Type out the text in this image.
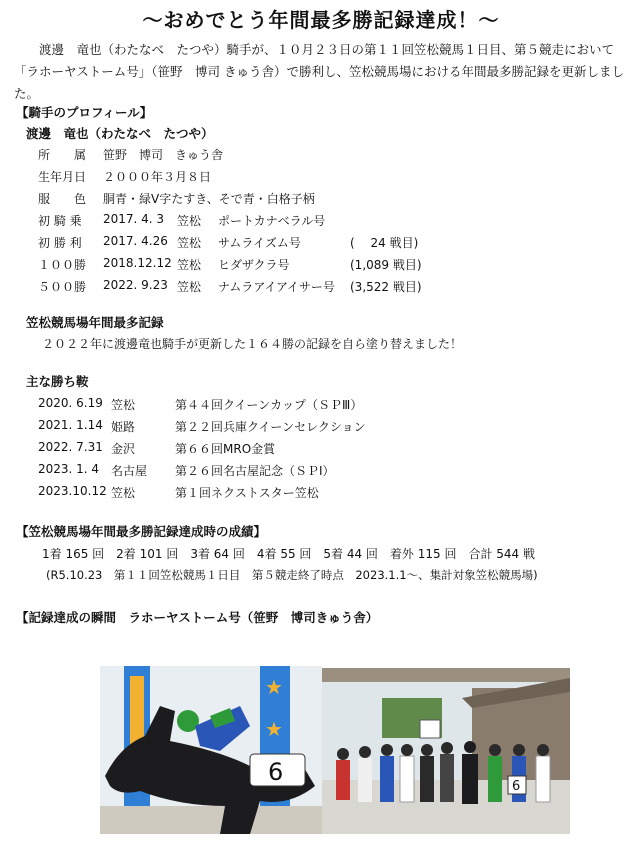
～おめでとう年間最多勝記録達成！～
渡邊　竜也（わたなべ　たつや）騎手が、１０月２３日の第１１回笠松競馬１日目、第５競走において「ラホーヤストーム号」（笹野　博司 きゅう舎）で勝利し、笠松競馬場における年間最多勝記録を更新しました。
【騎手のプロフィール】
渡邊　竜也（わたなべ　たつや）
所　　属 笹野　博司　きゅう舎
生年月日 ２０００年３月８日
服　　色 胴青・緑V字たすき、そで青・白格子柄
初 騎 乗 2017. 4. 3 笠松 ポートカナベラル号
初 勝 利 2017. 4.26 笠松 サムライズム号	(　 24 戦目)
１００勝 2018.12.12 笠松 ヒダザクラ号	(1,089 戦目)
５００勝 2022. 9.23 笠松 ナムラアイアイサー号 (3,522 戦目)
笠松競馬場年間最多記録
２０２２年に渡邊竜也騎手が更新した１６４勝の記録を自ら塗り替えました！
主な勝ち鞍
2020. 6.19 笠松	第４４回クイーンカップ（ＳＰⅢ）
2021. 1.14 姫路	第２２回兵庫クイーンセレクション
2022. 7.31 金沢	第６６回MRO金賞
2023. 1. 4 名古屋 第２６回名古屋記念（ＳＰⅠ）
2023.10.12 笠松	第１回ネクストスター笠松
【笠松競馬場年間最多勝記録達成時の成績】
1着 165 回　2着 101 回　3着 64 回　4着 55 回　5着 44 回　着外 115 回　合計 544 戦
(R5.10.23　第１１回笠松競馬１日目　第５競走終了時点　2023.1.1～、集計対象笠松競馬場)
【記録達成の瞬間　ラホーヤストーム号（笹野　博司きゅう舎）
★
★
6
6
